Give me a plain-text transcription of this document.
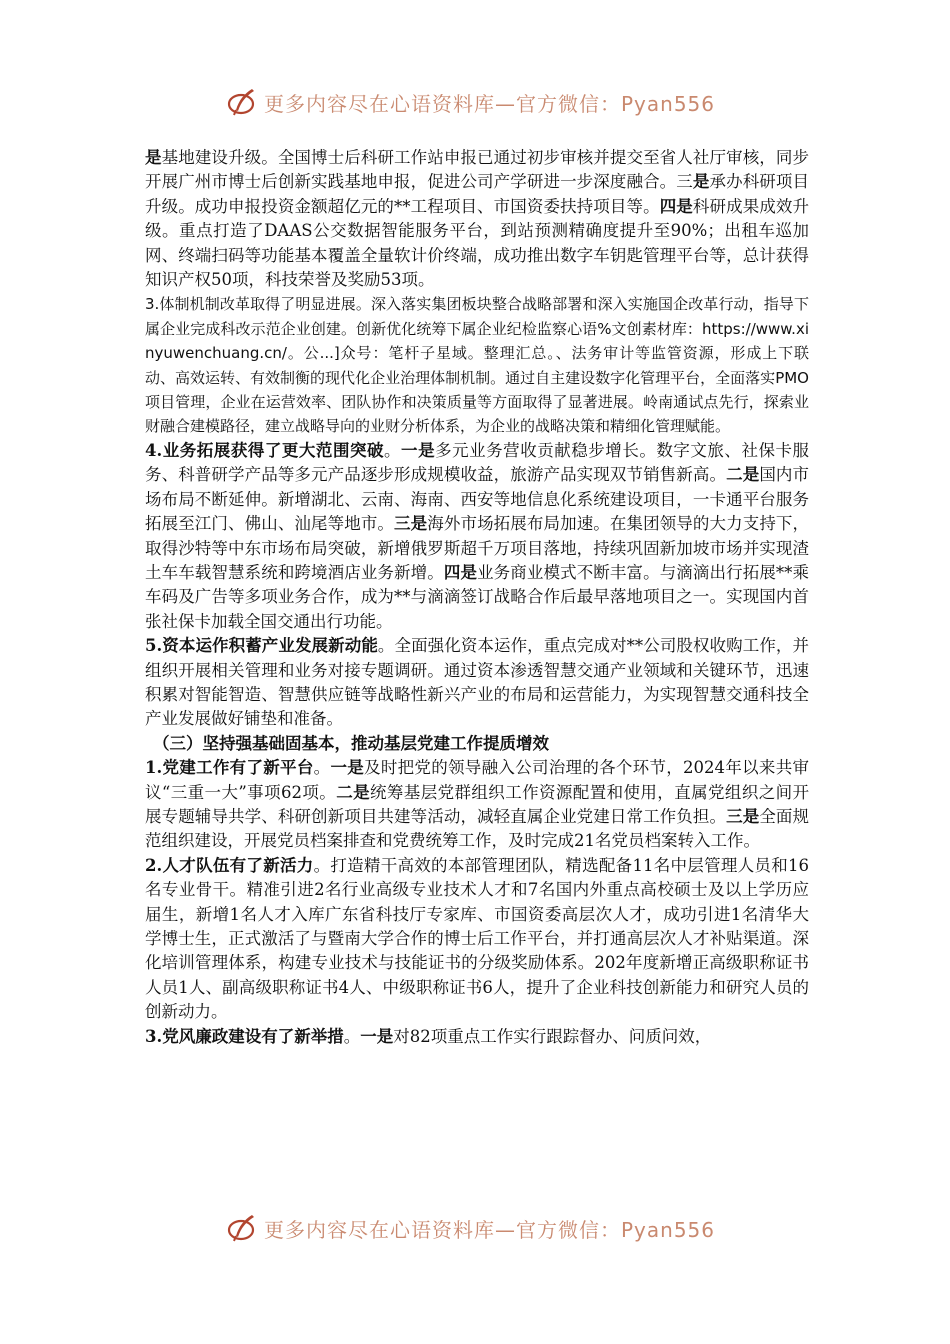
更多内容尽在心语资料库—官方微信：Pyan556

是基地建设升级。全国博士后科研工作站申报已通过初步审核并提交至省人社厅审核，同步开展广州市博士后创新实践基地申报，促进公司产学研进一步深度融合。三是承办科研项目升级。成功申报投资金额超亿元的**工程项目、市国资委扶持项目等。四是科研成果成效升级。重点打造了DAAS公交数据智能服务平台，到站预测精确度提升至90%；出租车巡加网、终端扫码等功能基本覆盖全量软计价终端，成功推出数字车钥匙管理平台等，总计获得知识产权50项，科技荣誉及奖励53项。

3.体制机制改革取得了明显进展。深入落实集团板块整合战略部署和深入实施国企改革行动，指导下属企业完成科改示范企业创建。创新优化统筹下属企业纪检监察心语%文创素材库：https://www.xinyuwenchuang.cn/。公...]众号：笔杆子星域。整理汇总。、法务审计等监管资源，形成上下联动、高效运转、有效制衡的现代化企业治理体制机制。通过自主建设数字化管理平台，全面落实PMO项目管理，企业在运营效率、团队协作和决策质量等方面取得了显著进展。岭南通试点先行，探索业财融合建模路径，建立战略导向的业财分析体系，为企业的战略决策和精细化管理赋能。

4.业务拓展获得了更大范围突破。一是多元业务营收贡献稳步增长。数字文旅、社保卡服务、科普研学产品等多元产品逐步形成规模收益，旅游产品实现双节销售新高。二是国内市场布局不断延伸。新增湖北、云南、海南、西安等地信息化系统建设项目，一卡通平台服务拓展至江门、佛山、汕尾等地市。三是海外市场拓展布局加速。在集团领导的大力支持下，取得沙特等中东市场布局突破，新增俄罗斯超千万项目落地，持续巩固新加坡市场并实现渣土车车载智慧系统和跨境酒店业务新增。四是业务商业模式不断丰富。与滴滴出行拓展**乘车码及广告等多项业务合作，成为**与滴滴签订战略合作后最早落地项目之一。实现国内首张社保卡加载全国交通出行功能。

5.资本运作积蓄产业发展新动能。全面强化资本运作，重点完成对**公司股权收购工作，并组织开展相关管理和业务对接专题调研。通过资本渗透智慧交通产业领域和关键环节，迅速积累对智能智造、智慧供应链等战略性新兴产业的布局和运营能力，为实现智慧交通科技全产业发展做好铺垫和准备。

（三）坚持强基础固基本，推动基层党建工作提质增效

1.党建工作有了新平台。一是及时把党的领导融入公司治理的各个环节，2024年以来共审议“三重一大”事项62项。二是统筹基层党群组织工作资源配置和使用，直属党组织之间开展专题辅导共学、科研创新项目共建等活动，减轻直属企业党建日常工作负担。三是全面规范组织建设，开展党员档案排查和党费统筹工作，及时完成21名党员档案转入工作。

2.人才队伍有了新活力。打造精干高效的本部管理团队，精选配备11名中层管理人员和16名专业骨干。精准引进2名行业高级专业技术人才和7名国内外重点高校硕士及以上学历应届生，新增1名人才入库广东省科技厅专家库、市国资委高层次人才，成功引进1名清华大学博士生，正式激活了与暨南大学合作的博士后工作平台，并打通高层次人才补贴渠道。深化培训管理体系，构建专业技术与技能证书的分级奖励体系。202年度新增正高级职称证书人员1人、副高级职称证书4人、中级职称证书6人，提升了企业科技创新能力和研究人员的创新动力。

3.党风廉政建设有了新举措。一是对82项重点工作实行跟踪督办、问质问效，

更多内容尽在心语资料库—官方微信：Pyan556
